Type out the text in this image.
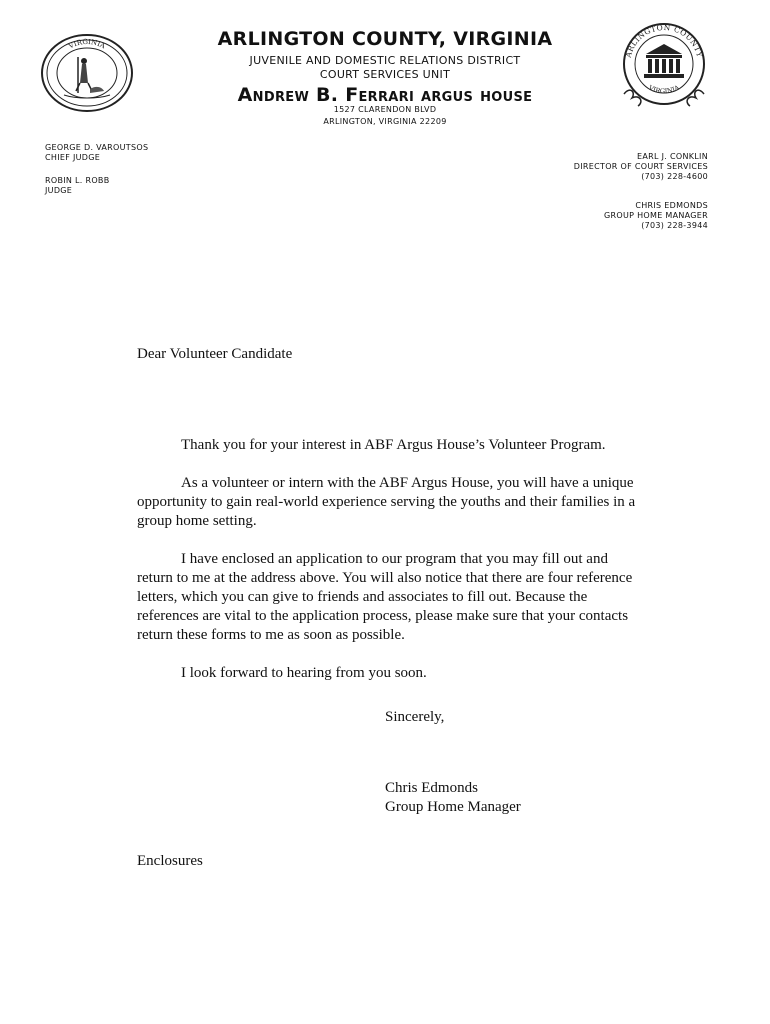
VIRGINIA
ARLINGTON COUNTY
VIRGINIA
ARLINGTON COUNTY, VIRGINIA
JUVENILE AND DOMESTIC RELATIONS DISTRICT
COURT SERVICES UNIT
Andrew B. Ferrari argus house
1527 CLARENDON BLVD
ARLINGTON, VIRGINIA 22209
GEORGE D. VAROUTSOS
CHIEF JUDGE
ROBIN L. ROBB
JUDGE
EARL J. CONKLIN
DIRECTOR OF COURT SERVICES
(703) 228-4600
CHRIS EDMONDS
GROUP HOME MANAGER
(703) 228-3944
Dear Volunteer Candidate

Thank you for your interest in ABF Argus House’s Volunteer Program.

As a volunteer or intern with the ABF Argus House, you will have a unique opportunity to gain real-world experience serving the youths and their families in a group home setting.

I have enclosed an application to our program that you may fill out and return to me at the address above. You will also notice that there are four reference letters, which you can give to friends and associates to fill out. Because the references are vital to the application process, please make sure that your contacts return these forms to me as soon as possible.

I look forward to hearing from you soon.

Sincerely,
Chris Edmonds
Group Home Manager
Enclosures
